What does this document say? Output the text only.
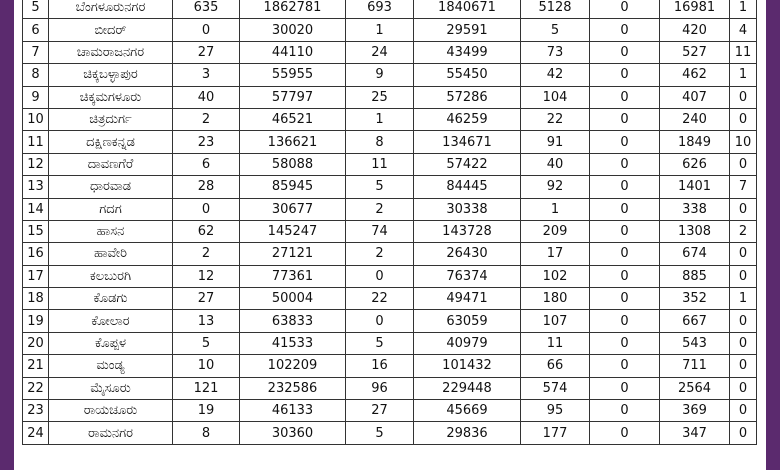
5	ಬೆಂಗಳೂರುನಗರ	635	1862781	693	1840671	5128	0	16981	1
6	ಬೀದರ್	0	30020	1	29591	5	0	420	4
7	ಚಾಮರಾಜನಗರ	27	44110	24	43499	73	0	527	11
8	ಚಿಕ್ಕಬಳ್ಳಾಪುರ	3	55955	9	55450	42	0	462	1
9	ಚಿಕ್ಕಮಗಳೂರು	40	57797	25	57286	104	0	407	0
10	ಚಿತ್ರದುರ್ಗ	2	46521	1	46259	22	0	240	0
11	ದಕ್ಷಿಣಕನ್ನಡ	23	136621	8	134671	91	0	1849	10
12	ದಾವಣಗೆರೆ	6	58088	11	57422	40	0	626	0
13	ಧಾರವಾಡ	28	85945	5	84445	92	0	1401	7
14	ಗದಗ	0	30677	2	30338	1	0	338	0
15	ಹಾಸನ	62	145247	74	143728	209	0	1308	2
16	ಹಾವೇರಿ	2	27121	2	26430	17	0	674	0
17	ಕಲಬುರಗಿ	12	77361	0	76374	102	0	885	0
18	ಕೊಡಗು	27	50004	22	49471	180	0	352	1
19	ಕೋಲಾರ	13	63833	0	63059	107	0	667	0
20	ಕೊಪ್ಪಳ	5	41533	5	40979	11	0	543	0
21	ಮಂಡ್ಯ	10	102209	16	101432	66	0	711	0
22	ಮೈಸೂರು	121	232586	96	229448	574	0	2564	0
23	ರಾಯಚೂರು	19	46133	27	45669	95	0	369	0
24	ರಾಮನಗರ	8	30360	5	29836	177	0	347	0
